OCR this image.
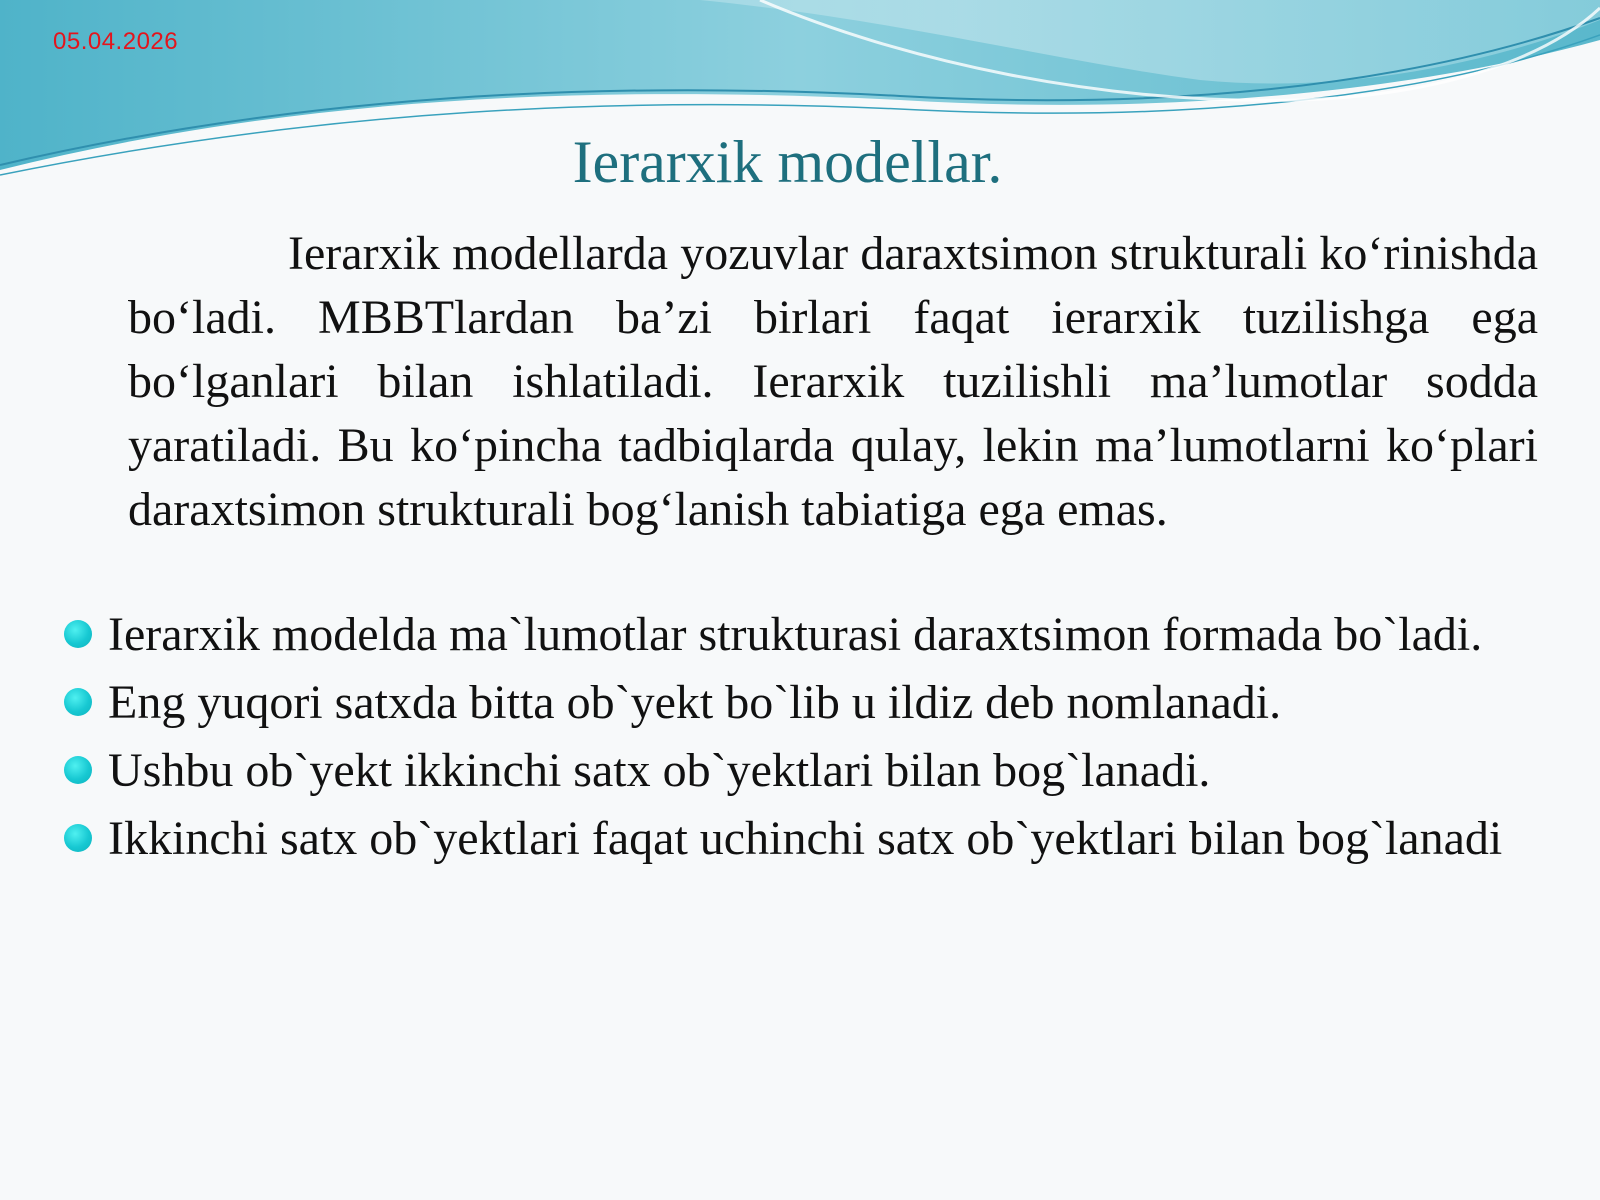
05.04.2026
Ierarxik modellar.

Ierarxik modellarda yozuvlar daraxtsimon strukturali ko‘rinishda bo‘ladi. MBBTlardan ba’zi birlari faqat ierarxik tuzilishga ega bo‘lganlari bilan ishlatiladi. Ierarxik tuzilishli ma’lumotlar sodda yaratiladi. Bu ko‘pincha tadbiqlarda qulay, lekin ma’lumotlarni ko‘plari daraxtsimon strukturali bog‘lanish tabiatiga ega emas.

Ierarxik modelda ma`lumotlar strukturasi daraxtsimon formada bo`ladi.
Eng yuqori satxda bitta ob`yekt bo`lib u ildiz deb nomlanadi.
Ushbu ob`yekt ikkinchi satx ob`yektlari bilan bog`lanadi.
Ikkinchi satx ob`yektlari faqat uchinchi satx ob`yektlari bilan bog`lanadi
